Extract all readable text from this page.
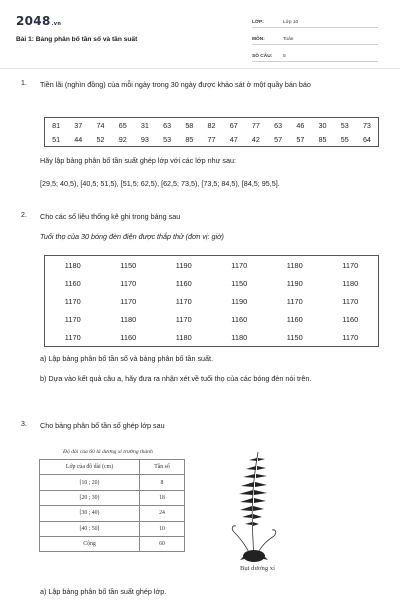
2048.vn
Bài 1: Bảng phân bố tần số và tần suất
LỚP:	Lớp 10
MÔN:	Toán
SỐ CÂU:	5
1. Tiền lãi (nghìn đồng) của mỗi ngày trong 30 ngày được khảo sát ở một quầy bán báo
81	37	74	65	31	63	58	82	67	77	63	46	30	53	73
51	44	52	92	93	53	85	77	47	42	57	57	85	55	64
Hãy lập bảng phân bố tần suất ghép lớp với các lớp như sau:
[29,5; 40,5), [40,5; 51,5), [51,5; 62,5), [62,5; 73,5), [73,5; 84,5), [84,5; 95,5].
2. Cho các số liệu thống kê ghi trong bảng sau
Tuổi thọ của 30 bóng đèn điện được thắp thử (đơn vị: giờ)
1180	1150	1190	1170	1180	1170
1160	1170	1160	1150	1190	1180
1170	1170	1170	1190	1170	1170
1170	1180	1170	1160	1160	1160
1170	1160	1180	1180	1150	1170
a) Lập bảng phân bố tần số và bảng phân bố tần suất.
b) Dựa vào kết quả câu a, hãy đưa ra nhận xét về tuổi thọ của các bóng đèn nói trên.
3. Cho bảng phân bố tần số ghép lớp sau
Độ dài của 60 lá dương xỉ trưởng thành
Lớp của độ dài (cm)	Tần số
[10 ; 20)	8
[20 ; 30)	18
[30 ; 40)	24
[40 ; 50]	10
Cộng	60
Bụi dương xỉ
a) Lập bảng phân bố tần suất ghép lớp.
